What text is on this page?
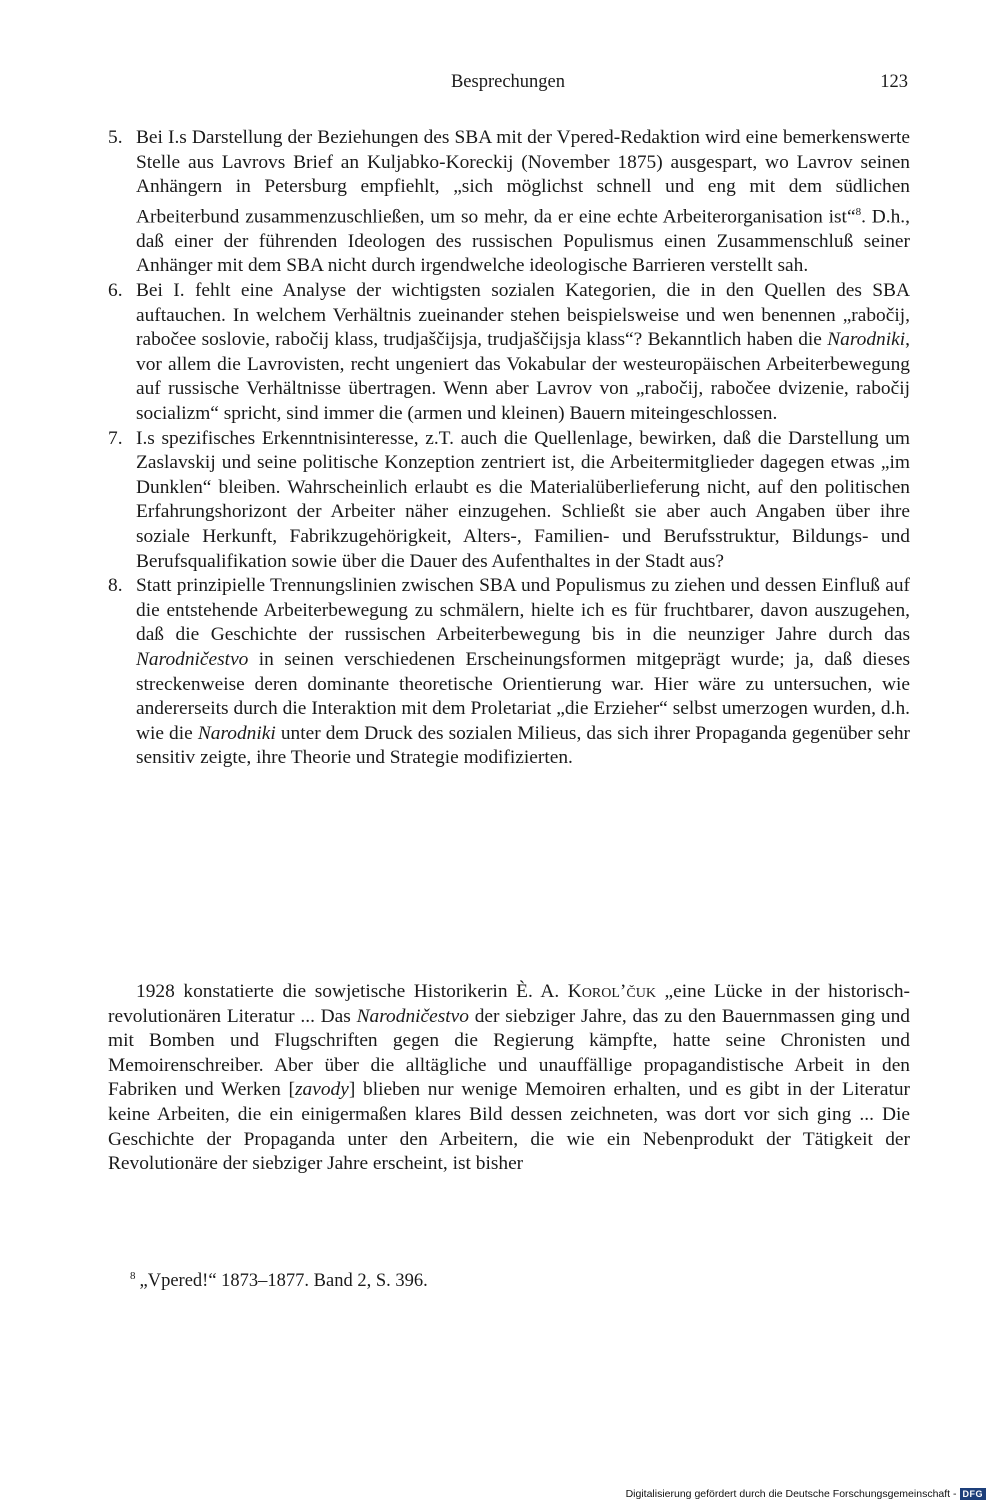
Besprechungen	123
5. Bei I.s Darstellung der Beziehungen des SBA mit der Vpered-Redaktion wird eine bemerkenswerte Stelle aus Lavrovs Brief an Kuljabko-Koreckij (November 1875) ausgespart, wo Lavrov seinen Anhängern in Petersburg empfiehlt, „sich möglichst schnell und eng mit dem südlichen Arbeiterbund zusammenzuschließen, um so mehr, da er eine echte Arbeiterorganisation ist“$^8$. D.h., daß einer der führenden Ideologen des russischen Populismus einen Zusammenschluß seiner Anhänger mit dem SBA nicht durch irgendwelche ideologische Barrieren verstellt sah.
6. Bei I. fehlt eine Analyse der wichtigsten sozialen Kategorien, die in den Quellen des SBA auftauchen. In welchem Verhältnis zueinander stehen beispielsweise und wen benennen „rabočij, rabočee soslovie, rabočij klass, trudjaščijsja, trudjaščijsja klass“? Bekanntlich haben die Narodniki, vor allem die Lavrovisten, recht ungeniert das Vokabular der westeuropäischen Arbeiterbewegung auf russische Verhältnisse übertragen. Wenn aber Lavrov von „rabočij, rabočee dvizenie, rabočij socializm“ spricht, sind immer die (armen und kleinen) Bauern miteingeschlossen.
7. I.s spezifisches Erkenntnisinteresse, z.T. auch die Quellenlage, bewirken, daß die Darstellung um Zaslavskij und seine politische Konzeption zentriert ist, die Arbeitermitglieder dagegen etwas „im Dunklen“ bleiben. Wahrscheinlich erlaubt es die Materialüberlieferung nicht, auf den politischen Erfahrungshorizont der Arbeiter näher einzugehen. Schließt sie aber auch Angaben über ihre soziale Herkunft, Fabrikzugehörigkeit, Alters-, Familien- und Berufsstruktur, Bildungs- und Berufsqualifikation sowie über die Dauer des Aufenthaltes in der Stadt aus?
8. Statt prinzipielle Trennungslinien zwischen SBA und Populismus zu ziehen und dessen Einfluß auf die entstehende Arbeiterbewegung zu schmälern, hielte ich es für fruchtbarer, davon auszugehen, daß die Geschichte der russischen Arbeiterbewegung bis in die neunziger Jahre durch das Narodničestvo in seinen verschiedenen Erscheinungsformen mitgeprägt wurde; ja, daß dieses streckenweise deren dominante theoretische Orientierung war. Hier wäre zu untersuchen, wie andererseits durch die Interaktion mit dem Proletariat „die Erzieher“ selbst umerzogen wurden, d.h. wie die Narodniki unter dem Druck des sozialen Milieus, das sich ihrer Propaganda gegenüber sehr sensitiv zeigte, ihre Theorie und Strategie modifizierten.

1928 konstatierte die sowjetische Historikerin È. A. Korol’čuk „eine Lücke in der historisch-revolutionären Literatur ... Das Narodničestvo der siebziger Jahre, das zu den Bauernmassen ging und mit Bomben und Flugschriften gegen die Regierung kämpfte, hatte seine Chronisten und Memoirenschreiber. Aber über die alltägliche und unauffällige propagandistische Arbeit in den Fabriken und Werken [zavody] blieben nur wenige Memoiren erhalten, und es gibt in der Literatur keine Arbeiten, die ein einigermaßen klares Bild dessen zeichneten, was dort vor sich ging ... Die Geschichte der Propaganda unter den Arbeitern, die wie ein Nebenprodukt der Tätigkeit der Revolutionäre der siebziger Jahre erscheint, ist bisher

$^8$ „Vpered!“ 1873–1877. Band 2, S. 396.

Digitalisierung gefördert durch die Deutsche Forschungsgemeinschaft - DFG
